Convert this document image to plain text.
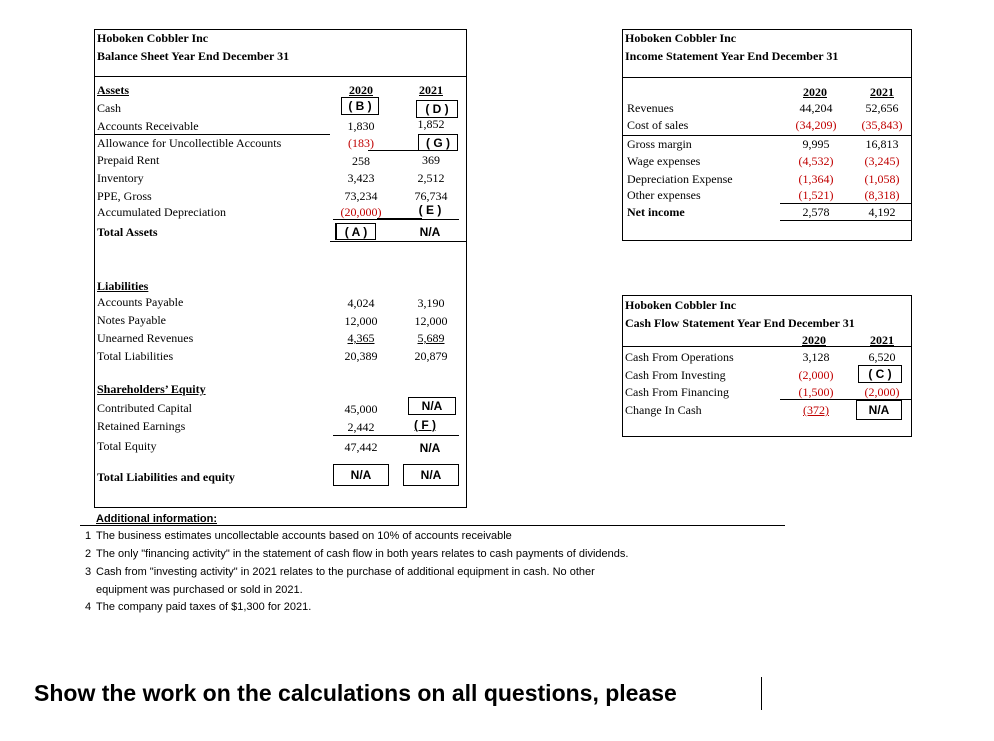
Hoboken Cobbler Inc
Balance Sheet Year End December 31
Assets	2020	2021
Cash	( B )	( D )
Accounts Receivable	1,830	1,852
Allowance for Uncollectible Accounts	(183)	( G )
Prepaid Rent	258	369
Inventory	3,423	2,512
PPE, Gross	73,234	76,734
Accumulated Depreciation	(20,000)	( E )
Total Assets	( A )	N/A
Liabilities
Accounts Payable	4,024	3,190
Notes Payable	12,000	12,000
Unearned Revenues	4,365	5,689
Total Liabilities	20,389	20,879
Shareholders’ Equity
Contributed Capital	45,000	N/A
Retained Earnings	2,442	( F )
Total Equity	47,442	N/A
Total Liabilities and equity	N/A	N/A
Hoboken Cobbler Inc
Income Statement Year End December 31
2020	2021
Revenues	44,204	52,656
Cost of sales	(34,209)	(35,843)
Gross margin	9,995	16,813
Wage expenses	(4,532)	(3,245)
Depreciation Expense	(1,364)	(1,058)
Other expenses	(1,521)	(8,318)
Net income	2,578	4,192
Hoboken Cobbler Inc
Cash Flow Statement Year End December 31
2020	2021
Cash From Operations	3,128	6,520
Cash From Investing	(2,000)	( C )
Cash From Financing	(1,500)	(2,000)
Change In Cash	(372)	N/A
Additional information:
1 The business estimates uncollectable accounts based on 10% of accounts receivable
2 The only "financing activity" in the statement of cash flow in both years relates to cash payments of dividends.
3 Cash from "investing activity" in 2021 relates to the purchase of additional equipment in cash. No other
equipment was purchased or sold in 2021.
4 The company paid taxes of $1,300 for 2021.
Show the work on the calculations on all questions, please
